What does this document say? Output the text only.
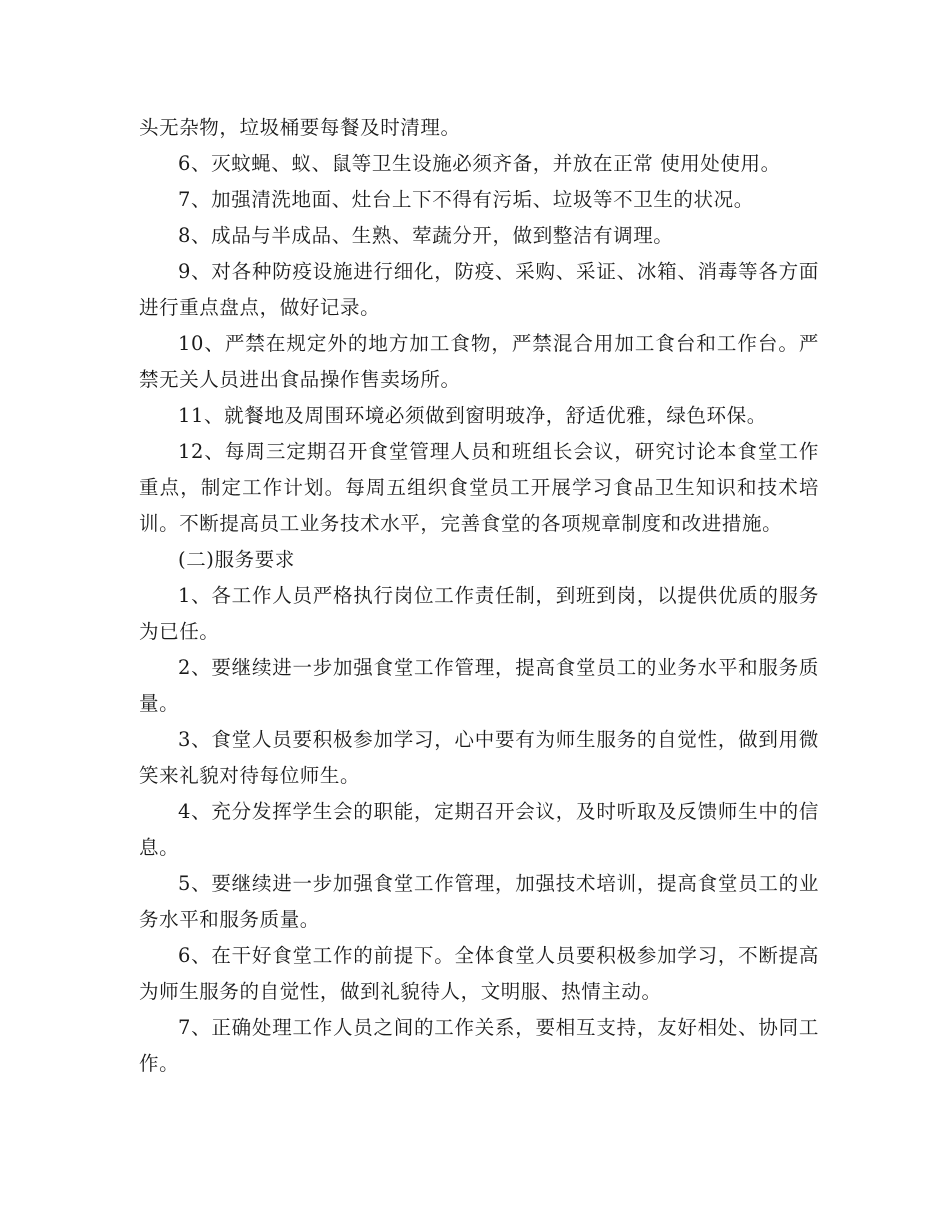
头无杂物，垃圾桶要每餐及时清理。

6、灭蚊蝇、蚁、鼠等卫生设施必须齐备，并放在正常 使用处使用。

7、加强清洗地面、灶台上下不得有污垢、垃圾等不卫生的状况。

8、成品与半成品、生熟、荤蔬分开，做到整洁有调理。

9、对各种防疫设施进行细化，防疫、采购、采证、冰箱、消毒等各方面进行重点盘点，做好记录。

10、严禁在规定外的地方加工食物，严禁混合用加工食台和工作台。严禁无关人员进出食品操作售卖场所。

11、就餐地及周围环境必须做到窗明玻净，舒适优雅，绿色环保。

12、每周三定期召开食堂管理人员和班组长会议，研究讨论本食堂工作重点，制定工作计划。每周五组织食堂员工开展学习食品卫生知识和技术培训。不断提高员工业务技术水平，完善食堂的各项规章制度和改进措施。

(二)服务要求

1、各工作人员严格执行岗位工作责任制，到班到岗，以提供优质的服务为已任。

2、要继续进一步加强食堂工作管理，提高食堂员工的业务水平和服务质量。

3、食堂人员要积极参加学习，心中要有为师生服务的自觉性，做到用微笑来礼貌对待每位师生。

4、充分发挥学生会的职能，定期召开会议，及时听取及反馈师生中的信息。

5、要继续进一步加强食堂工作管理，加强技术培训，提高食堂员工的业务水平和服务质量。

6、在干好食堂工作的前提下。全体食堂人员要积极参加学习，不断提高为师生服务的自觉性，做到礼貌待人，文明服、热情主动。

7、正确处理工作人员之间的工作关系，要相互支持，友好相处、协同工作。
